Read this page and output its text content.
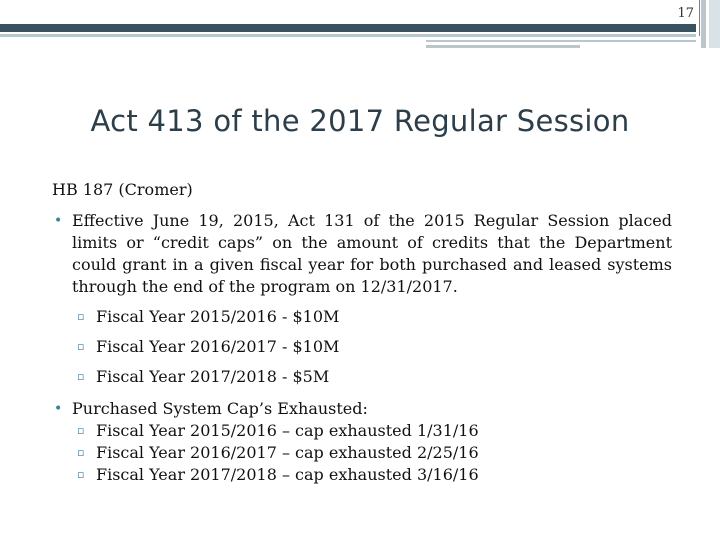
17
Act 413 of the 2017 Regular Session
HB 187 (Cromer)
• Effective June 19, 2015, Act 131 of the 2015 Regular Session placed limits or “credit caps” on the amount of credits that the Department could grant in a given fiscal year for both purchased and leased systems through the end of the program on 12/31/2017.
▫ Fiscal Year 2015/2016 - $10M
▫ Fiscal Year 2016/2017 - $10M
▫ Fiscal Year 2017/2018 - $5M
• Purchased System Cap’s Exhausted:
▫ Fiscal Year 2015/2016 – cap exhausted 1/31/16
▫ Fiscal Year 2016/2017 – cap exhausted 2/25/16
▫ Fiscal Year 2017/2018 – cap exhausted 3/16/16
